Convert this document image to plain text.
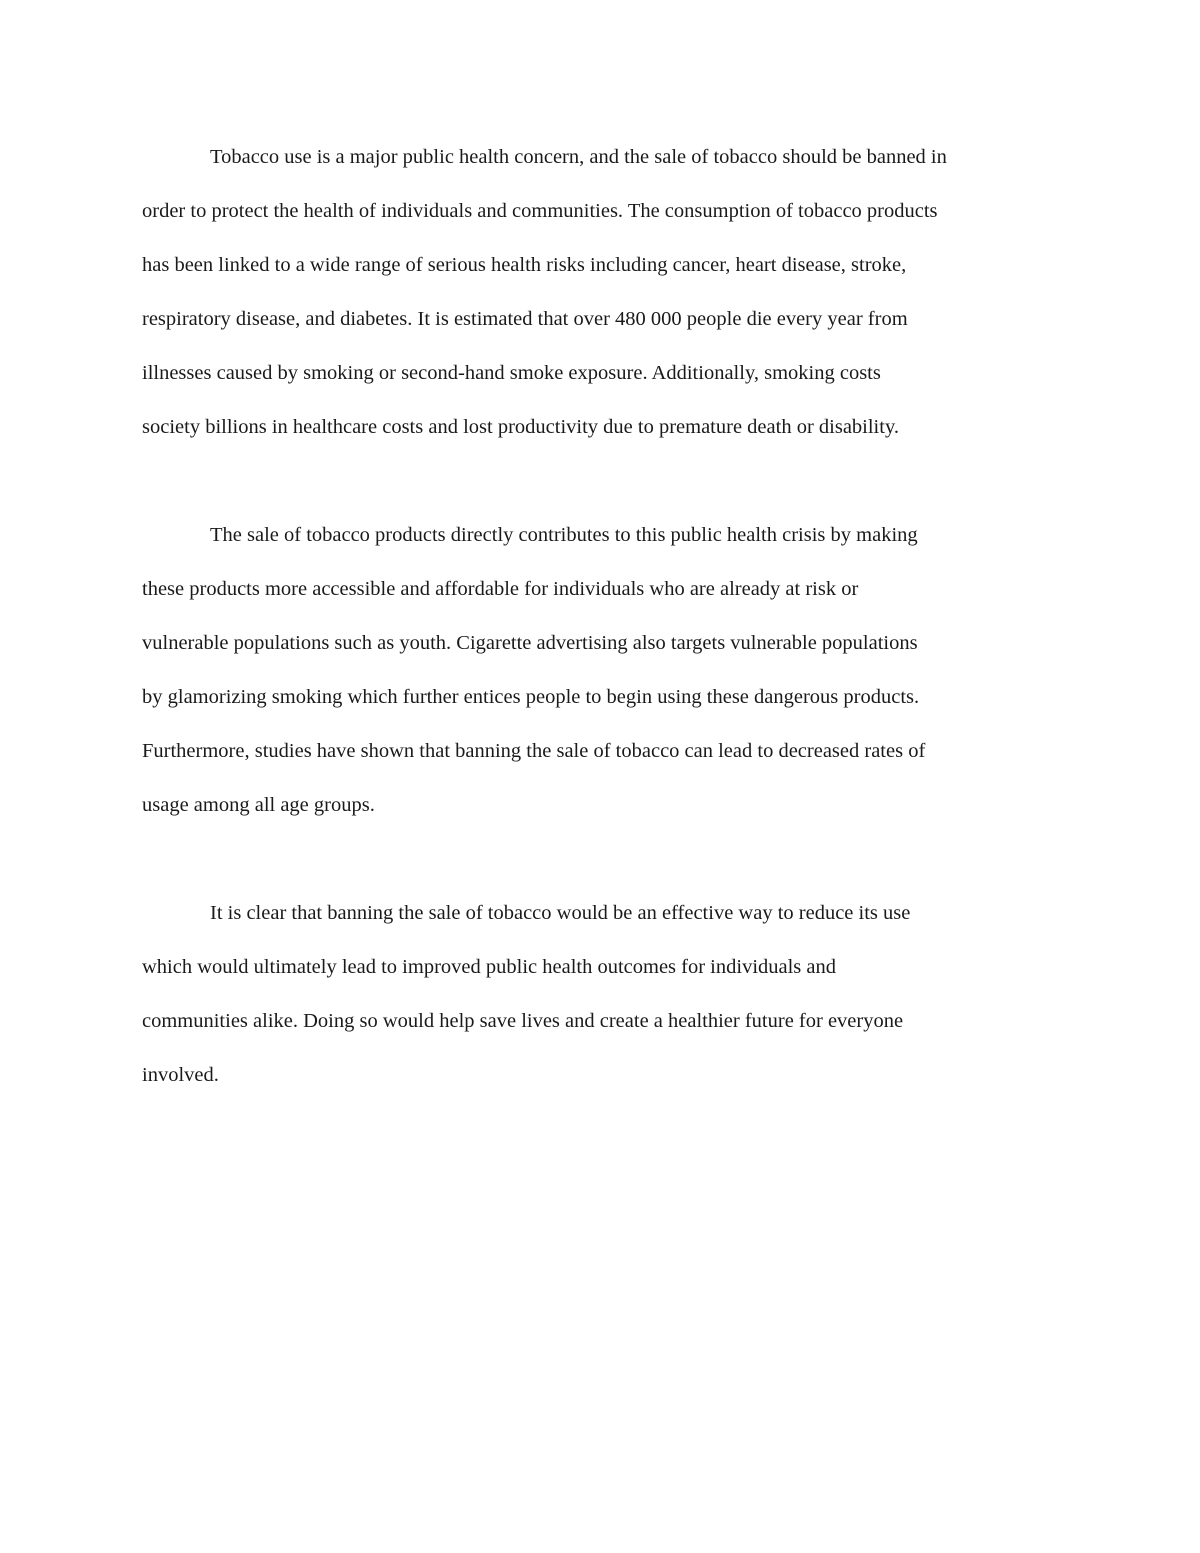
Tobacco use is a major public health concern, and the sale of tobacco should be banned in
order to protect the health of individuals and communities. The consumption of tobacco products
has been linked to a wide range of serious health risks including cancer, heart disease, stroke,
respiratory disease, and diabetes. It is estimated that over 480 000 people die every year from
illnesses caused by smoking or second-hand smoke exposure. Additionally, smoking costs
society billions in healthcare costs and lost productivity due to premature death or disability.
The sale of tobacco products directly contributes to this public health crisis by making
these products more accessible and affordable for individuals who are already at risk or
vulnerable populations such as youth. Cigarette advertising also targets vulnerable populations
by glamorizing smoking which further entices people to begin using these dangerous products.
Furthermore, studies have shown that banning the sale of tobacco can lead to decreased rates of
usage among all age groups.
It is clear that banning the sale of tobacco would be an effective way to reduce its use
which would ultimately lead to improved public health outcomes for individuals and
communities alike. Doing so would help save lives and create a healthier future for everyone
involved.
